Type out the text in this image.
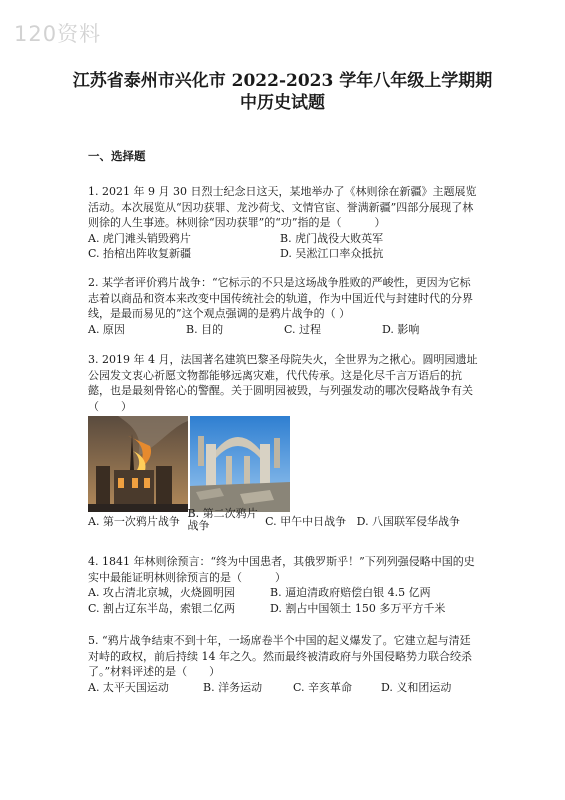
120资料
江苏省泰州市兴化市 2022-2023 学年八年级上学期期
中历史试题
一、选择题
1. 2021 年 9 月 30 日烈士纪念日这天，某地举办了《林则徐在新疆》主题展览活动。本次展览从“因功获罪、龙沙荷戈、文情官宦、誉满新疆”四部分展现了林则徐的人生事迹。林则徐“因功获罪”的“功”指的是（　　　）
A. 虎门滩头销毁鸦片	B. 虎门战役大败英军
C. 抬棺出阵收复新疆	D. 吴淞江口率众抵抗
2. 某学者评价鸦片战争：“它标示的不只是这场战争胜败的严峻性，更因为它标志着以商品和资本来改变中国传统社会的轨道，作为中国近代与封建时代的分界线，是最而易见的”这个观点强调的是鸦片战争的（ ）
A. 原因	B. 目的	C. 过程	D. 影响
3. 2019 年 4 月，法国著名建筑巴黎圣母院失火，全世界为之揪心。圆明园遗址公园发文衷心祈愿文物都能够远离灾难，代代传承。这是化尽千言万语后的抗懿，也是最刻骨铭心的警醒。关于圆明园被毁，与列强发动的哪次侵略战争有关（　　）
A. 第一次鸦片战争
B. 第二次鸦片战争	C. 甲午中日战争 D. 八国联军侵华战争
4. 1841 年林则徐预言：“终为中国患者，其俄罗斯乎！”下列列强侵略中国的史实中最能证明林则徐预言的是（　　　）
A. 攻占清北京城，火烧圆明园	B. 逼迫清政府赔偿白银 4.5 亿两
C. 割占辽东半岛，索银二亿两	D. 割占中国领土 150 多万平方千米
5. “鸦片战争结束不到十年，一场席卷半个中国的起义爆发了。它建立起与清廷对峙的政权，前后持续 14 年之久。然而最终被清政府与外国侵略势力联合绞杀了。”材料评述的是（　　）
A. 太平天国运动	B. 洋务运动	C. 辛亥革命	D. 义和团运动
